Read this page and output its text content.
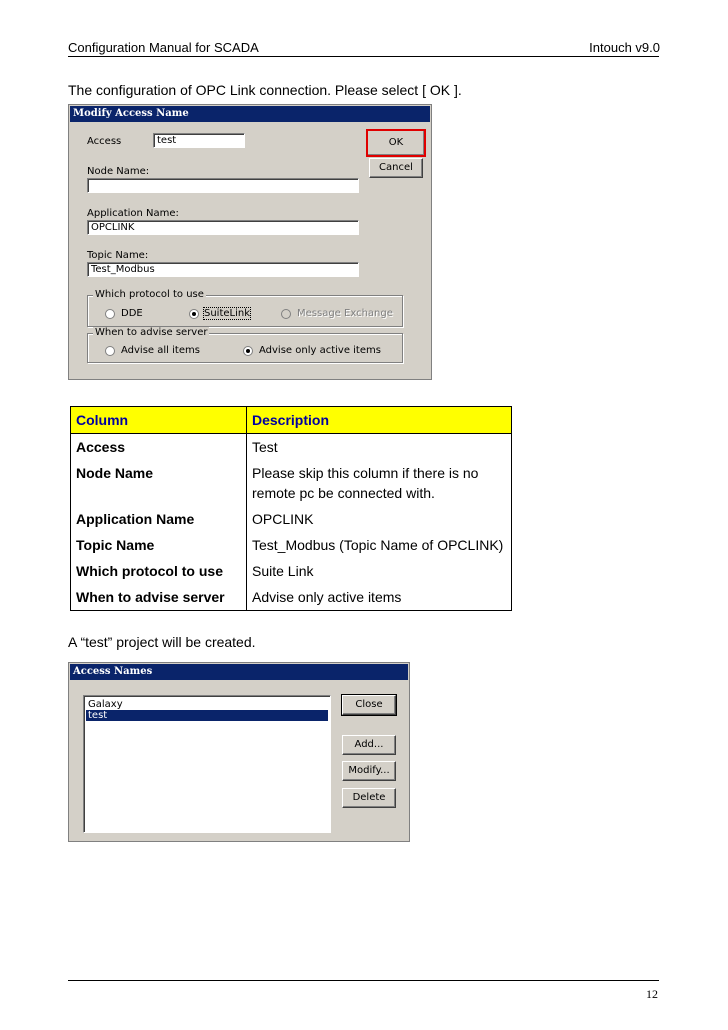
Configuration Manual for SCADA	Intouch v9.0
The configuration of OPC Link connection. Please select [ OK ].
Modify Access Name
Access	test	OK
Cancel
Node Name:
Application Name:
OPCLINK
Topic Name:
Test_Modbus
Which protocol to use
DDE	SuiteLink	Message Exchange
When to advise server
Advise all items	Advise only active items
Column	Description
Access	Test
Node Name	Please skip this column if there is no remote pc be connected with.
Application Name	OPCLINK
Topic Name	Test_Modbus (Topic Name of OPCLINK)
Which protocol to use	Suite Link
When to advise server	Advise only active items
A “test” project will be created.
Access Names
Galaxy
test
Close
Add...
Modify...
Delete
12
